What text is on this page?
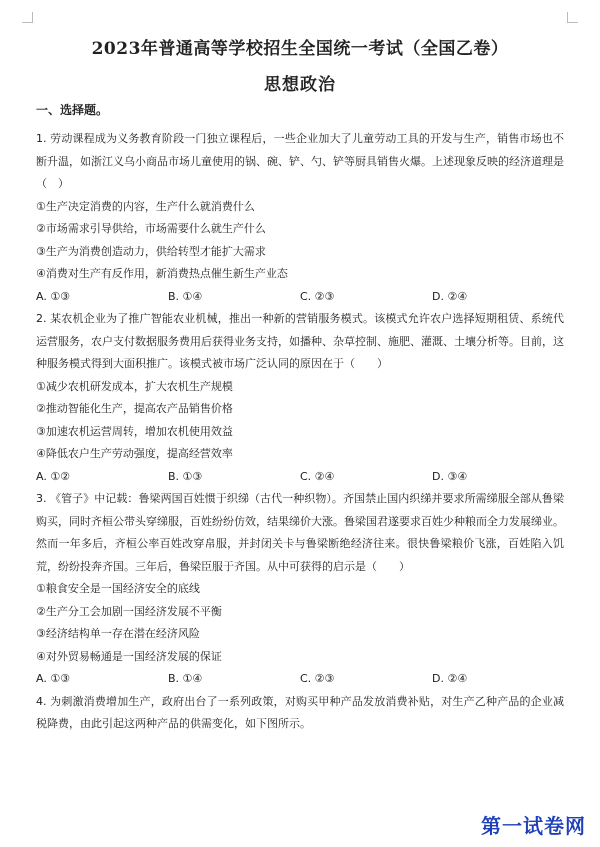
2023年普通高等学校招生全国统一考试（全国乙卷）
思想政治
一、选择题。

1. 劳动课程成为义务教育阶段一门独立课程后，一些企业加大了儿童劳动工具的开发与生产，销售市场也不断升温，如浙江义乌小商品市场儿童使用的锅、碗、铲、勺、铲等厨具销售火爆。上述现象反映的经济道理是（　）

①生产决定消费的内容，生产什么就消费什么

②市场需求引导供给，市场需要什么就生产什么

③生产为消费创造动力，供给转型才能扩大需求

④消费对生产有反作用，新消费热点催生新生产业态

A. ①③	B. ①④	C. ②③	D. ②④

2. 某农机企业为了推广智能农业机械，推出一种新的营销服务模式。该模式允许农户选择短期租赁、系统代运营服务，农户支付数据服务费用后获得业务支持，如播种、杂草控制、施肥、灌溉、土壤分析等。目前，这种服务模式得到大面积推广。该模式被市场广泛认同的原因在于（　　）

①减少农机研发成本，扩大农机生产规模

②推动智能化生产，提高农产品销售价格

③加速农机运营周转，增加农机使用效益

④降低农户生产劳动强度，提高经营效率

A. ①②	B. ①③	C. ②④	D. ③④

3. 《管子》中记载：鲁梁两国百姓惯于织绨（古代一种织物）。齐国禁止国内织绨并要求所需绨服全部从鲁梁购买，同时齐桓公带头穿绨服，百姓纷纷仿效，结果绨价大涨。鲁梁国君遂要求百姓少种粮而全力发展绨业。然而一年多后，齐桓公率百姓改穿帛服，并封闭关卡与鲁梁断绝经济往来。很快鲁梁粮价飞涨，百姓陷入饥荒，纷纷投奔齐国。三年后，鲁梁臣服于齐国。从中可获得的启示是（　　）

①粮食安全是一国经济安全的底线

②生产分工会加剧一国经济发展不平衡

③经济结构单一存在潜在经济风险

④对外贸易畅通是一国经济发展的保证

A. ①③	B. ①④	C. ②③	D. ②④

4. 为刺激消费增加生产，政府出台了一系列政策，对购买甲种产品发放消费补贴，对生产乙种产品的企业减税降费，由此引起这两种产品的供需变化，如下图所示。

第一试卷网
